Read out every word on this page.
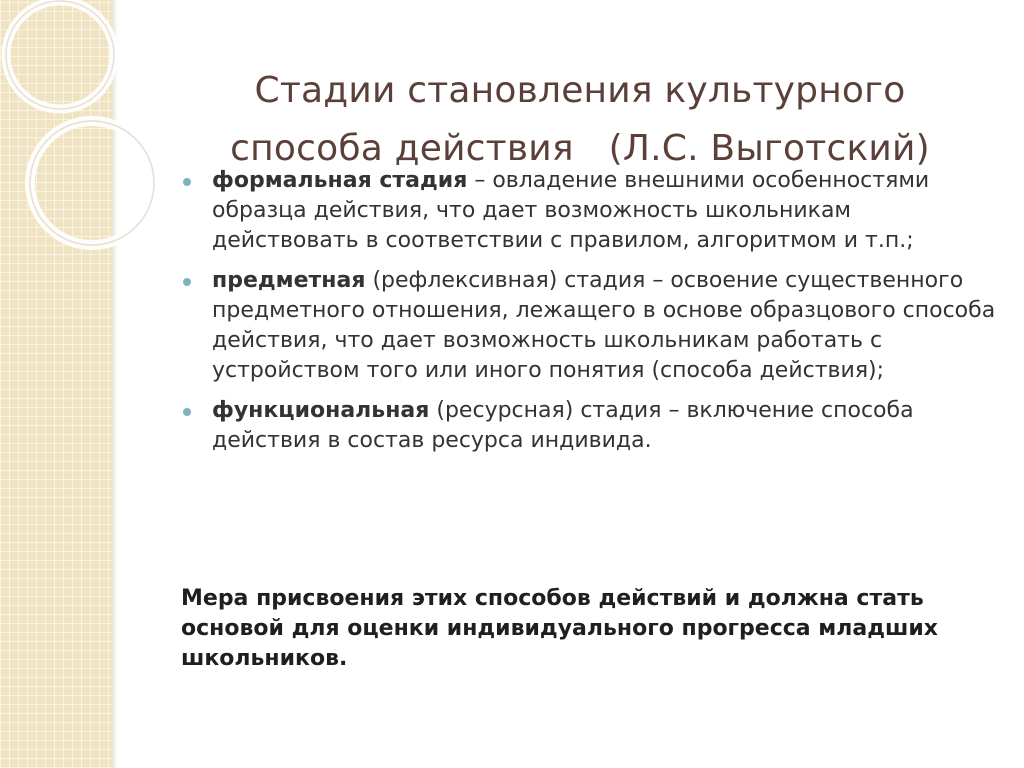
Стадии становления культурного
способа действия   (Л.С. Выготский)
формальная стадия – овладение внешними особенностями образца действия, что дает возможность школьникам действовать в соответствии с правилом, алгоритмом и т.п.;
предметная (рефлексивная) стадия – освоение существенного предметного отношения, лежащего в основе образцового способа действия, что дает возможность школьникам работать с устройством того или иного понятия (способа действия);
функциональная (ресурсная) стадия – включение способа действия в состав ресурса индивида.

Мера присвоения этих способов действий и должна стать основой для оценки индивидуального прогресса младших школьников.
